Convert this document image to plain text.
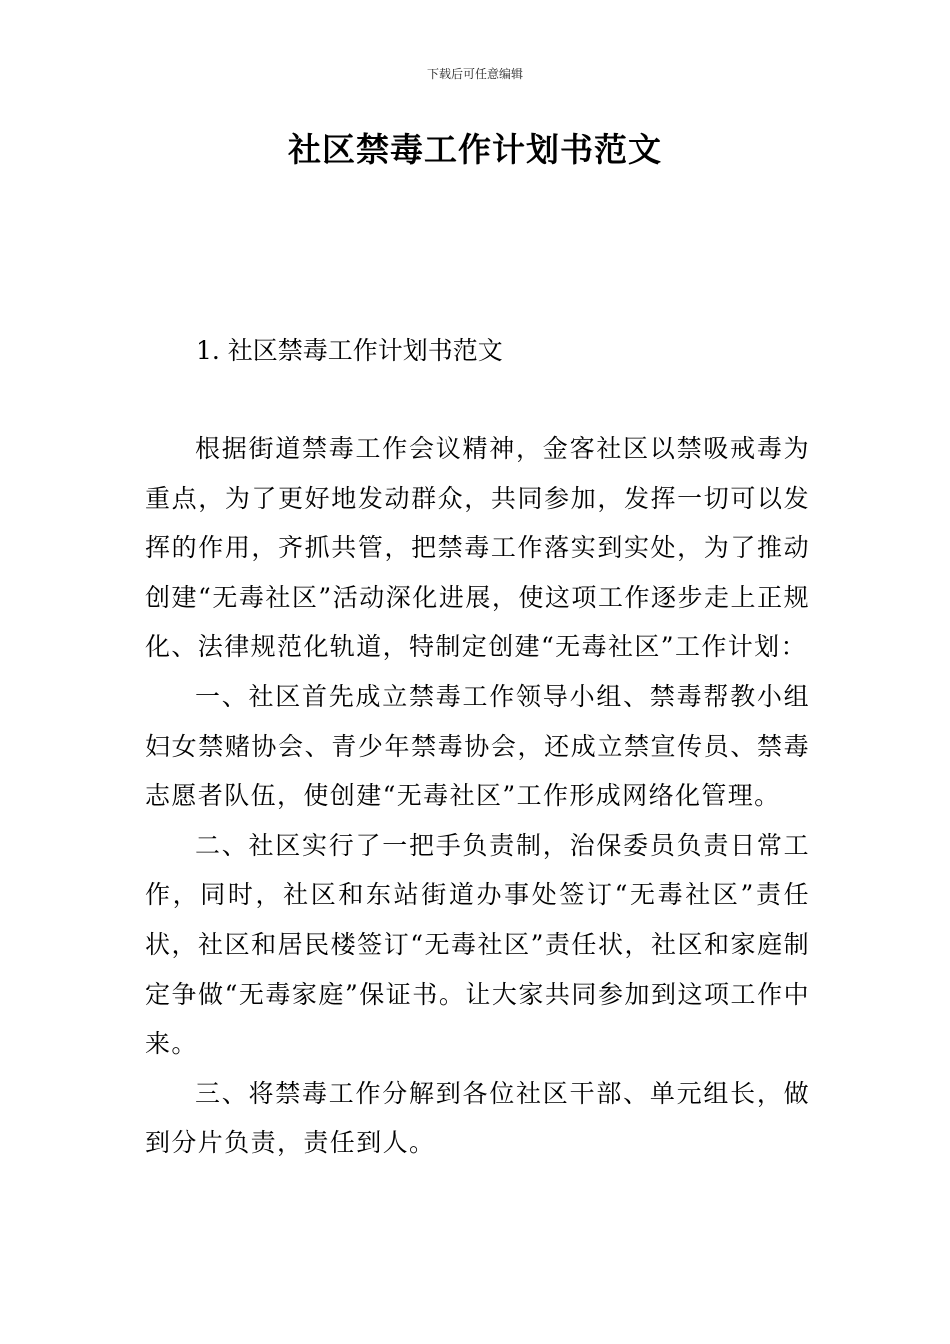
下载后可任意编辑
社区禁毒工作计划书范文
1. 社区禁毒工作计划书范文

根据街道禁毒工作会议精神，金客社区以禁吸戒毒为重点，为了更好地发动群众，共同参加，发挥一切可以发挥的作用，齐抓共管，把禁毒工作落实到实处，为了推动创建“无毒社区”活动深化进展，使这项工作逐步走上正规化、法律规范化轨道，特制定创建“无毒社区”工作计划：

一、社区首先成立禁毒工作领导小组、禁毒帮教小组妇女禁赌协会、青少年禁毒协会，还成立禁宣传员、禁毒志愿者队伍，使创建“无毒社区”工作形成网络化管理。

二、社区实行了一把手负责制，治保委员负责日常工作，同时，社区和东站街道办事处签订“无毒社区”责任状，社区和居民楼签订“无毒社区”责任状，社区和家庭制定争做“无毒家庭”保证书。让大家共同参加到这项工作中来。

三、将禁毒工作分解到各位社区干部、单元组长，做到分片负责，责任到人。
